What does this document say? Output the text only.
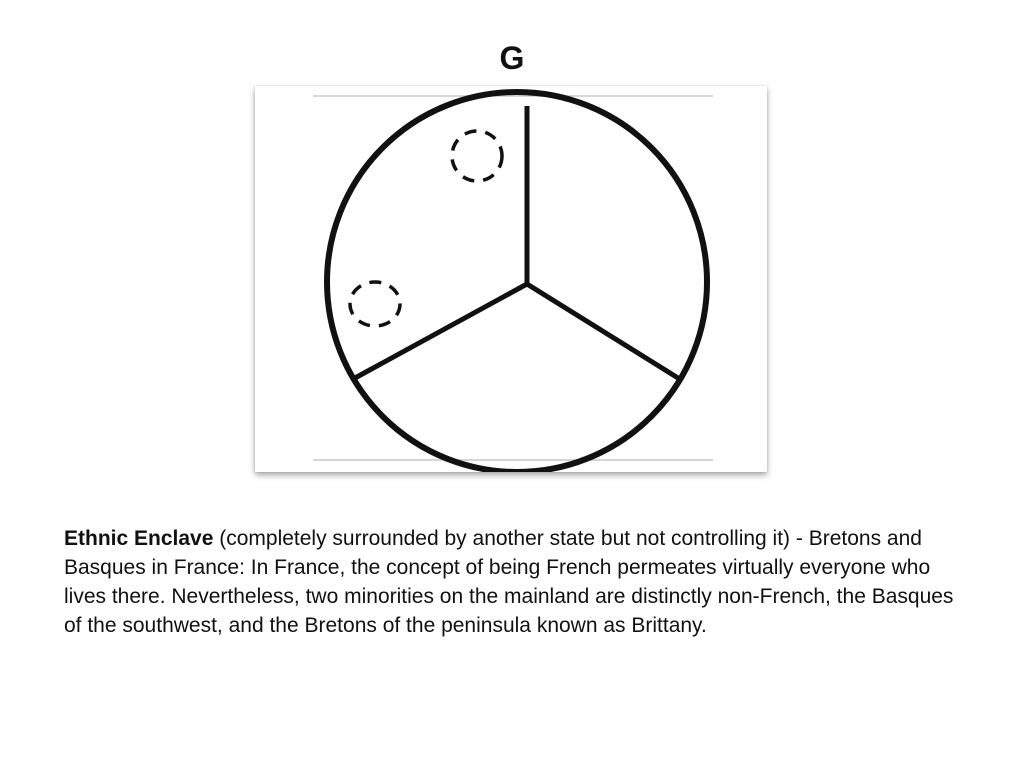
G
Ethnic Enclave (completely surrounded by another state but not controlling it) - Bretons and Basques in France: In France, the concept of being French permeates virtually everyone who lives there. Nevertheless, two minorities on the mainland are distinctly non-French, the Basques of the southwest, and the Bretons of the peninsula known as Brittany.
